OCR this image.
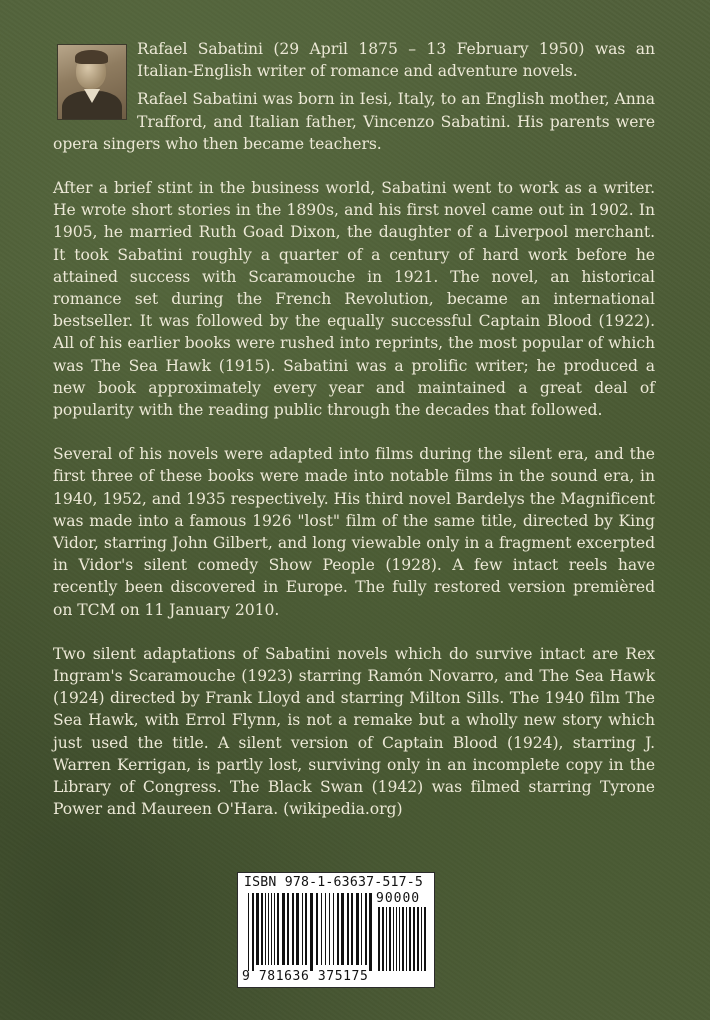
Rafael Sabatini (29 April 1875 – 13 February 1950) was an Italian-English writer of romance and adventure novels.

Rafael Sabatini was born in Iesi, Italy, to an English mother, Anna Trafford, and Italian father, Vincenzo Sabatini. His parents were opera singers who then became teachers.

After a brief stint in the business world, Sabatini went to work as a writer. He wrote short stories in the 1890s, and his first novel came out in 1902. In 1905, he married Ruth Goad Dixon, the daughter of a Liverpool merchant. It took Sabatini roughly a quarter of a century of hard work before he attained success with Scaramouche in 1921. The novel, an historical romance set during the French Revolution, became an international bestseller. It was followed by the equally successful Captain Blood (1922). All of his earlier books were rushed into reprints, the most popular of which was The Sea Hawk (1915). Sabatini was a prolific writer; he produced a new book approximately every year and maintained a great deal of popularity with the reading public through the decades that followed.

Several of his novels were adapted into films during the silent era, and the first three of these books were made into notable films in the sound era, in 1940, 1952, and 1935 respectively. His third novel Bardelys the Magnificent was made into a famous 1926 "lost" film of the same title, directed by King Vidor, starring John Gilbert, and long viewable only in a fragment excerpted in Vidor's silent comedy Show People (1928). A few intact reels have recently been discovered in Europe. The fully restored version premièred on TCM on 11 January 2010.

Two silent adaptations of Sabatini novels which do survive intact are Rex Ingram's Scaramouche (1923) starring Ramón Novarro, and The Sea Hawk (1924) directed by Frank Lloyd and starring Milton Sills. The 1940 film The Sea Hawk, with Errol Flynn, is not a remake but a wholly new story which just used the title. A silent version of Captain Blood (1924), starring J. Warren Kerrigan, is partly lost, surviving only in an incomplete copy in the Library of Congress. The Black Swan (1942) was filmed starring Tyrone Power and Maureen O'Hara. (wikipedia.org)

ISBN 978-1-63637-517-5
90000
9 781636 375175
